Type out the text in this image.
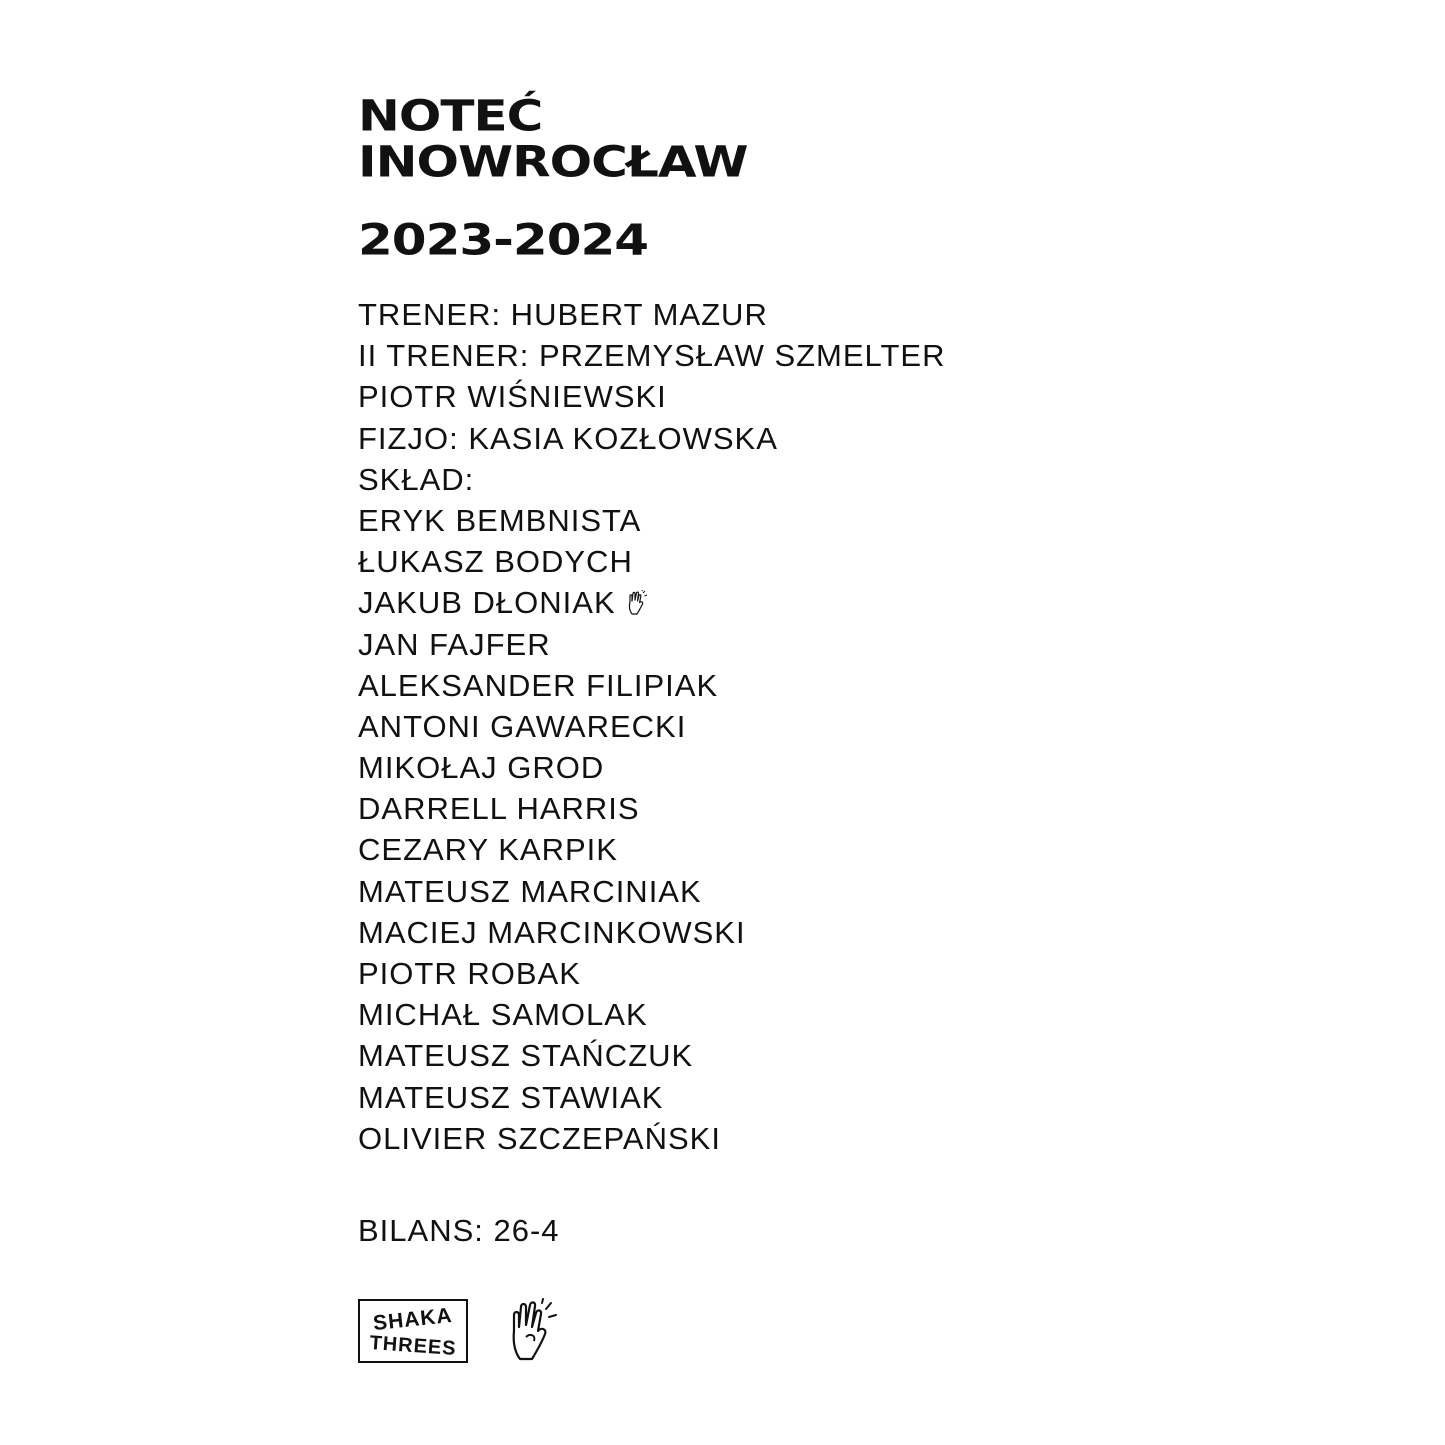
NOTEĆ
INOWROCŁAW
2023-2024
TRENER: HUBERT MAZUR
II TRENER: PRZEMYSŁAW SZMELTER
PIOTR WIŚNIEWSKI
FIZJO: KASIA KOZŁOWSKA
SKŁAD:
ERYK BEMBNISTA
ŁUKASZ BODYCH
JAKUB DŁONIAK
JAN FAJFER
ALEKSANDER FILIPIAK
ANTONI GAWARECKI
MIKOŁAJ GROD
DARRELL HARRIS
CEZARY KARPIK
MATEUSZ MARCINIAK
MACIEJ MARCINKOWSKI
PIOTR ROBAK
MICHAŁ SAMOLAK
MATEUSZ STAŃCZUK
MATEUSZ STAWIAK
OLIVIER SZCZEPAŃSKI
BILANS: 26-4
SHAKA
THREES
